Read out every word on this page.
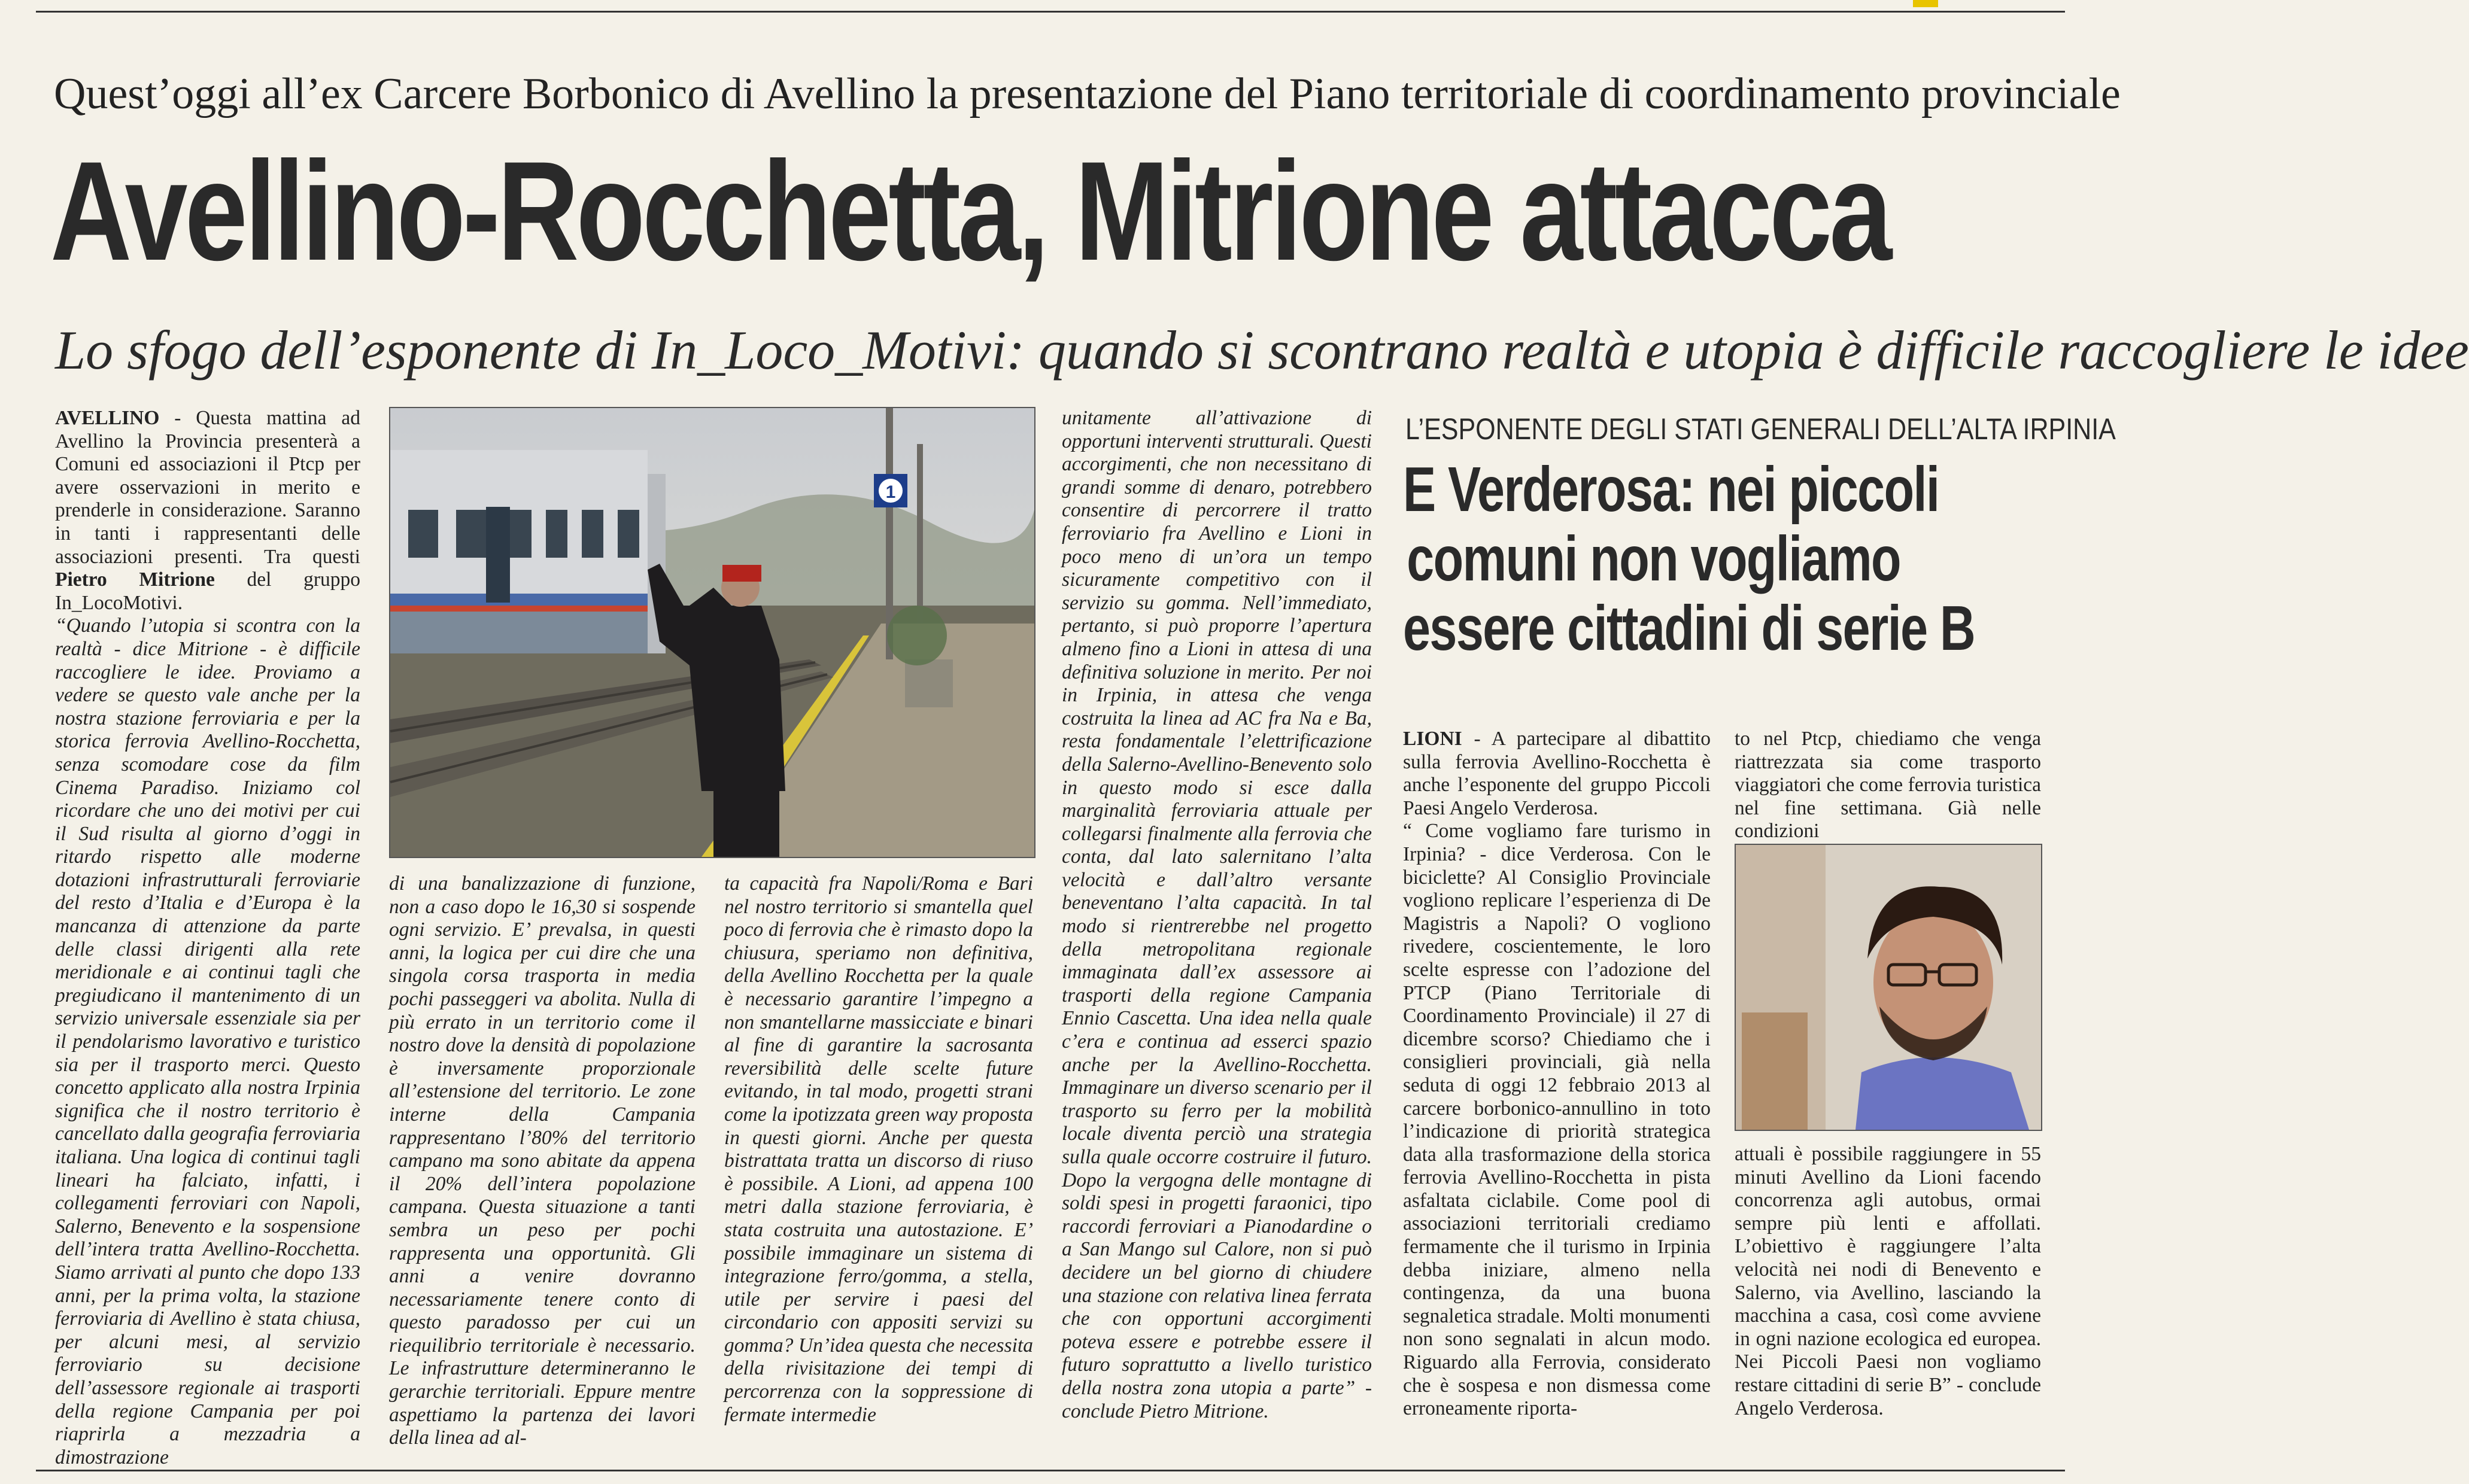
Quest’oggi all’ex Carcere Borbonico di Avellino la presentazione del Piano territoriale di coordinamento provinciale
Avellino-Rocchetta, Mitrione attacca
Lo sfogo dell’esponente di In_Loco_Motivi: quando si scontrano realtà e utopia è difficile raccogliere le idee

AVELLINO - Questa mattina ad Avellino la Provincia presenterà a Comuni ed associazioni il Ptcp per avere osservazioni in merito e prenderle in considerazione. Saranno in tanti i rappresentanti delle associazioni presenti. Tra questi Pietro Mitrione del gruppo In_LocoMotivi.

“Quando l’utopia si scontra con la realtà - dice Mitrione - è difficile raccogliere le idee. Proviamo a vedere se questo vale anche per la nostra stazione ferroviaria e per la storica ferrovia Avellino-Rocchetta, senza scomodare cose da film Cinema Paradiso. Iniziamo col ricordare che uno dei motivi per cui il Sud risulta al giorno d’oggi in ritardo rispetto alle moderne dotazioni infrastrutturali ferroviarie del resto d’Italia e d’Europa è la mancanza di attenzione da parte delle classi dirigenti alla rete meridionale e ai continui tagli che pregiudicano il mantenimento di un servizio universale essenziale sia per il pendolarismo lavorativo e turistico sia per il trasporto merci. Questo concetto applicato alla nostra Irpinia significa che il nostro territorio è cancellato dalla geografia ferroviaria italiana. Una logica di continui tagli lineari ha falciato, infatti, i collegamenti ferroviari con Napoli, Salerno, Benevento e la sospensione dell’intera tratta Avellino-Rocchetta. Siamo arrivati al punto che dopo 133 anni, per la prima volta, la stazione ferroviaria di Avellino è stata chiusa, per alcuni mesi, al servizio ferroviario su decisione dell’assessore regionale ai trasporti della regione Campania per poi riaprirla a mezzadria a dimostrazione

1

di una banalizzazione di funzione, non a caso dopo le 16,30 si sospende ogni servizio. E’ prevalsa, in questi anni, la logica per cui dire che una singola corsa trasporta in media pochi passeggeri va abolita. Nulla di più errato in un territorio come il nostro dove la densità di popolazione è inversamente proporzionale all’estensione del territorio. Le zone interne della Campania rappresentano l’80% del territorio campano ma sono abitate da appena il 20% dell’intera popolazione campana. Questa situazione a tanti sembra un peso per pochi rappresenta una opportunità. Gli anni a venire dovranno necessariamente tenere conto di questo paradosso per cui un riequilibrio territoriale è necessario. Le infrastrutture determineranno le gerarchie territoriali. Eppure mentre aspettiamo la partenza dei lavori della linea ad al-

ta capacità fra Napoli/Roma e Bari nel nostro territorio si smantella quel poco di ferrovia che è rimasto dopo la chiusura, speriamo non definitiva, della Avellino Rocchetta per la quale è necessario garantire l’impegno a non smantellarne massicciate e binari al fine di garantire la sacrosanta reversibilità delle scelte future evitando, in tal modo, progetti strani come la ipotizzata green way proposta in questi giorni. Anche per questa bistrattata tratta un discorso di riuso è possibile. A Lioni, ad appena 100 metri dalla stazione ferroviaria, è stata costruita una autostazione. E’ possibile immaginare un sistema di integrazione ferro/gomma, a stella, utile per servire i paesi del circondario con appositi servizi su gomma? Un’idea questa che necessita della rivisitazione dei tempi di percorrenza con la soppressione di fermate intermedie

unitamente all’attivazione di opportuni interventi strutturali. Questi accorgimenti, che non necessitano di grandi somme di denaro, potrebbero consentire di percorrere il tratto ferroviario fra Avellino e Lioni in poco meno di un’ora un tempo sicuramente competitivo con il servizio su gomma. Nell’immediato, pertanto, si può proporre l’apertura almeno fino a Lioni in attesa di una definitiva soluzione in merito. Per noi in Irpinia, in attesa che venga costruita la linea ad AC fra Na e Ba, resta fondamentale l’elettrificazione della Salerno-Avellino-Benevento solo in questo modo si esce dalla marginalità ferroviaria attuale per collegarsi finalmente alla ferrovia che conta, dal lato salernitano l’alta velocità e dall’altro versante beneventano l’alta capacità. In tal modo si rientrerebbe nel progetto della metropolitana regionale immaginata dall’ex assessore ai trasporti della regione Campania Ennio Cascetta. Una idea nella quale c’era e continua ad esserci spazio anche per la Avellino-Rocchetta. Immaginare un diverso scenario per il trasporto su ferro per la mobilità locale diventa perciò una strategia sulla quale occorre costruire il futuro. Dopo la vergogna delle montagne di soldi spesi in progetti faraonici, tipo raccordi ferroviari a Pianodardine o a San Mango sul Calore, non si può decidere un bel giorno di chiudere una stazione con relativa linea ferrata che con opportuni accorgimenti poteva essere e potrebbe essere il futuro soprattutto a livello turistico della nostra zona utopia a parte” - conclude Pietro Mitrione.

L’ESPONENTE DEGLI STATI GENERALI DELL’ALTA IRPINIA
E Verderosa: nei piccoli
comuni non vogliamo
essere cittadini di serie B

LIONI - A partecipare al dibattito sulla ferrovia Avellino-Rocchetta è anche l’esponente del gruppo Piccoli Paesi Angelo Verderosa.

“ Come vogliamo fare turismo in Irpinia? - dice Verderosa. Con le biciclette? Al Consiglio Provinciale vogliono replicare l’esperienza di De Magistris a Napoli? O vogliono rivedere, coscientemente, le loro scelte espresse con l’adozione del PTCP (Piano Territoriale di Coordinamento Provinciale) il 27 di dicembre scorso? Chiediamo che i consiglieri provinciali, già nella seduta di oggi 12 febbraio 2013 al carcere borbonico-annullino in toto l’indicazione di priorità strategica data alla trasformazione della storica ferrovia Avellino-Rocchetta in pista asfaltata ciclabile. Come pool di associazioni territoriali crediamo fermamente che il turismo in Irpinia debba iniziare, almeno nella contingenza, da una buona segnaletica stradale. Molti monumenti non sono segnalati in alcun modo. Riguardo alla Ferrovia, considerato che è sospesa e non dismessa come erroneamente riporta-

to nel Ptcp, chiediamo che venga riattrezzata sia come trasporto viaggiatori che come ferrovia turistica nel fine settimana. Già nelle condizioni

attuali è possibile raggiungere in 55 minuti Avellino da Lioni facendo concorrenza agli autobus, ormai sempre più lenti e affollati. L’obiettivo è raggiungere l’alta velocità nei nodi di Benevento e Salerno, via Avellino, lasciando la macchina a casa, così come avviene in ogni nazione ecologica ed europea. Nei Piccoli Paesi non vogliamo restare cittadini di serie B” - conclude Angelo Verderosa.
